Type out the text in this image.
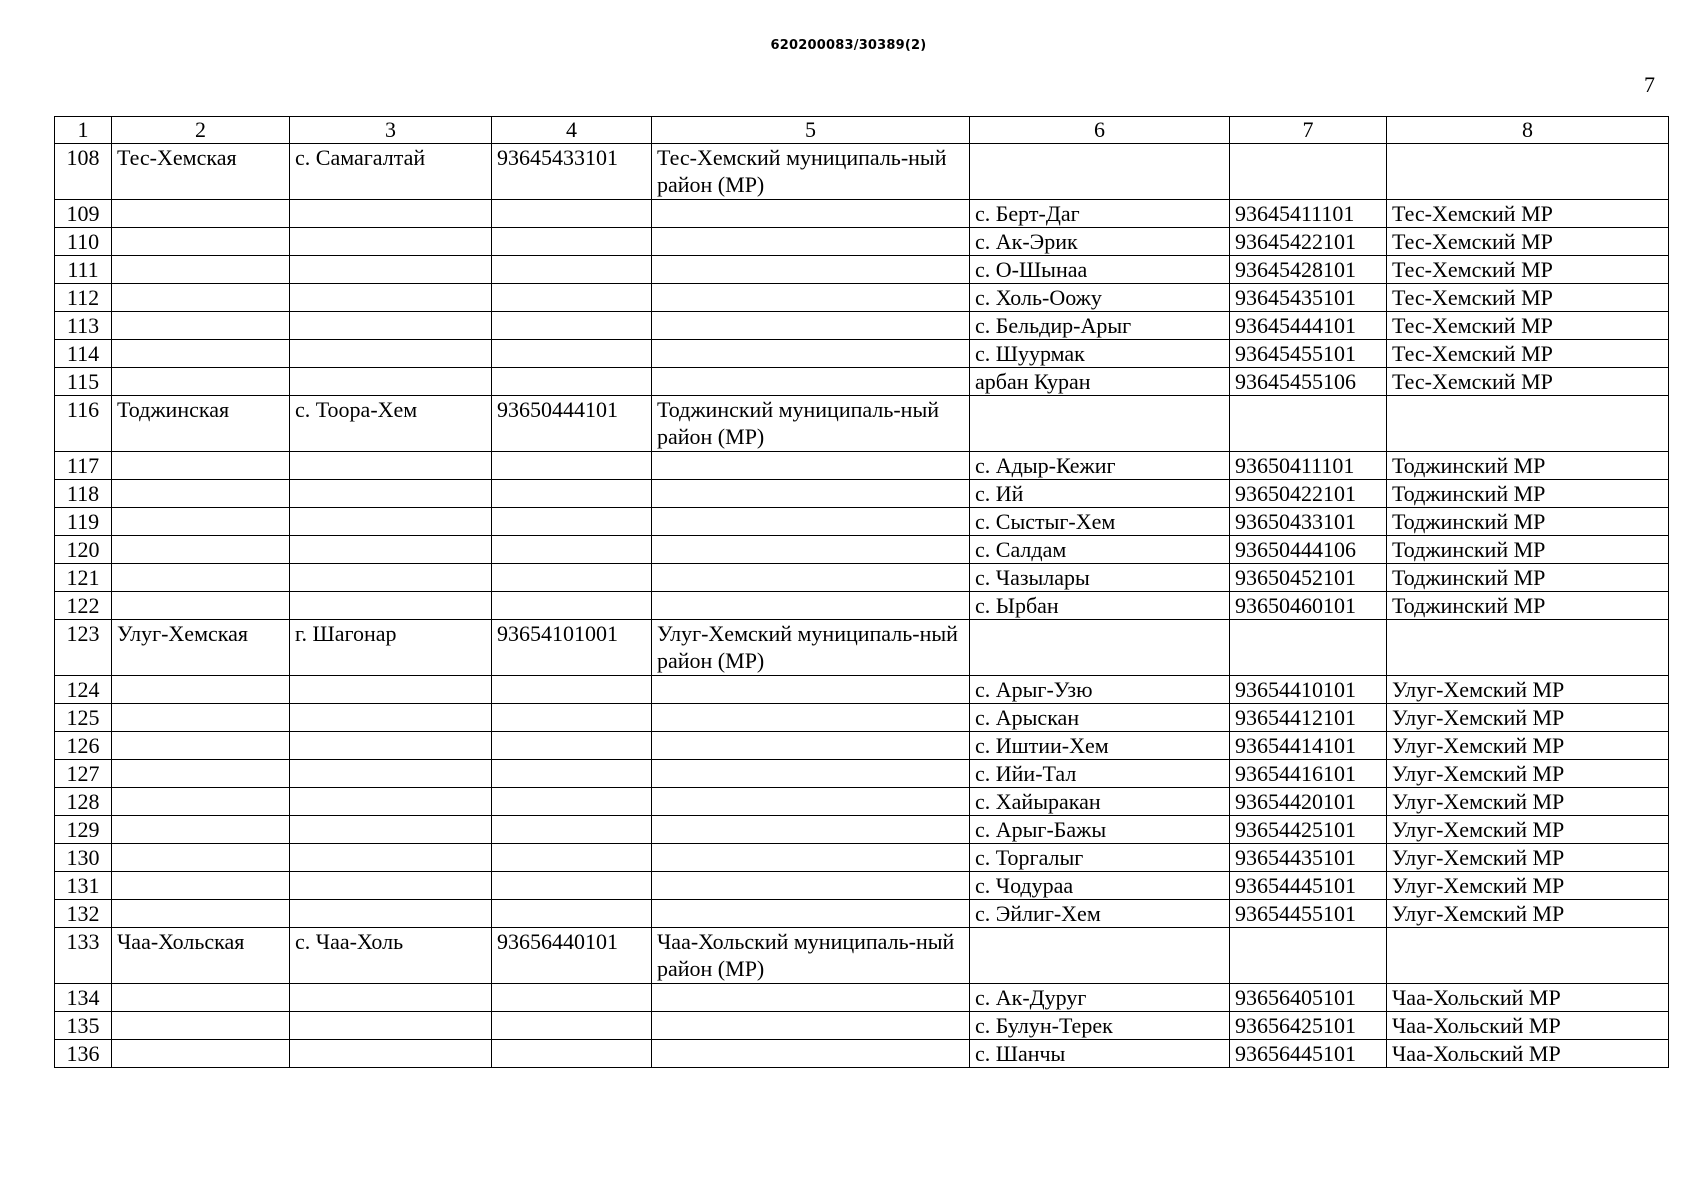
620200083/30389(2)
7
1	2	3	4	5	6	7	8
108	Тес-Хемская	с. Самагалтай	93645433101	Тес-Хемский муниципаль-ный район (МР)			
109					с. Берт-Даг	93645411101	Тес-Хемский МР
110					с. Ак-Эрик	93645422101	Тес-Хемский МР
111					с. О-Шынаа	93645428101	Тес-Хемский МР
112					с. Холь-Оожу	93645435101	Тес-Хемский МР
113					с. Бельдир-Арыг	93645444101	Тес-Хемский МР
114					с. Шуурмак	93645455101	Тес-Хемский МР
115					арбан Куран	93645455106	Тес-Хемский МР
116	Тоджинская	с. Тоора-Хем	93650444101	Тоджинский муниципаль-ный район (МР)			
117					с. Адыр-Кежиг	93650411101	Тоджинский МР
118					с. Ий	93650422101	Тоджинский МР
119					с. Сыстыг-Хем	93650433101	Тоджинский МР
120					с. Салдам	93650444106	Тоджинский МР
121					с. Чазылары	93650452101	Тоджинский МР
122					с. Ырбан	93650460101	Тоджинский МР
123	Улуг-Хемская	г. Шагонар	93654101001	Улуг-Хемский муниципаль-ный район (МР)			
124					с. Арыг-Узю	93654410101	Улуг-Хемский МР
125					с. Арыскан	93654412101	Улуг-Хемский МР
126					с. Иштии-Хем	93654414101	Улуг-Хемский МР
127					с. Ийи-Тал	93654416101	Улуг-Хемский МР
128					с. Хайыракан	93654420101	Улуг-Хемский МР
129					с. Арыг-Бажы	93654425101	Улуг-Хемский МР
130					с. Торгалыг	93654435101	Улуг-Хемский МР
131					с. Чодураа	93654445101	Улуг-Хемский МР
132					с. Эйлиг-Хем	93654455101	Улуг-Хемский МР
133	Чаа-Хольская	с. Чаа-Холь	93656440101	Чаа-Хольский муниципаль-ный район (МР)			
134					с. Ак-Дуруг	93656405101	Чаа-Хольский МР
135					с. Булун-Терек	93656425101	Чаа-Хольский МР
136					с. Шанчы	93656445101	Чаа-Хольский МР
